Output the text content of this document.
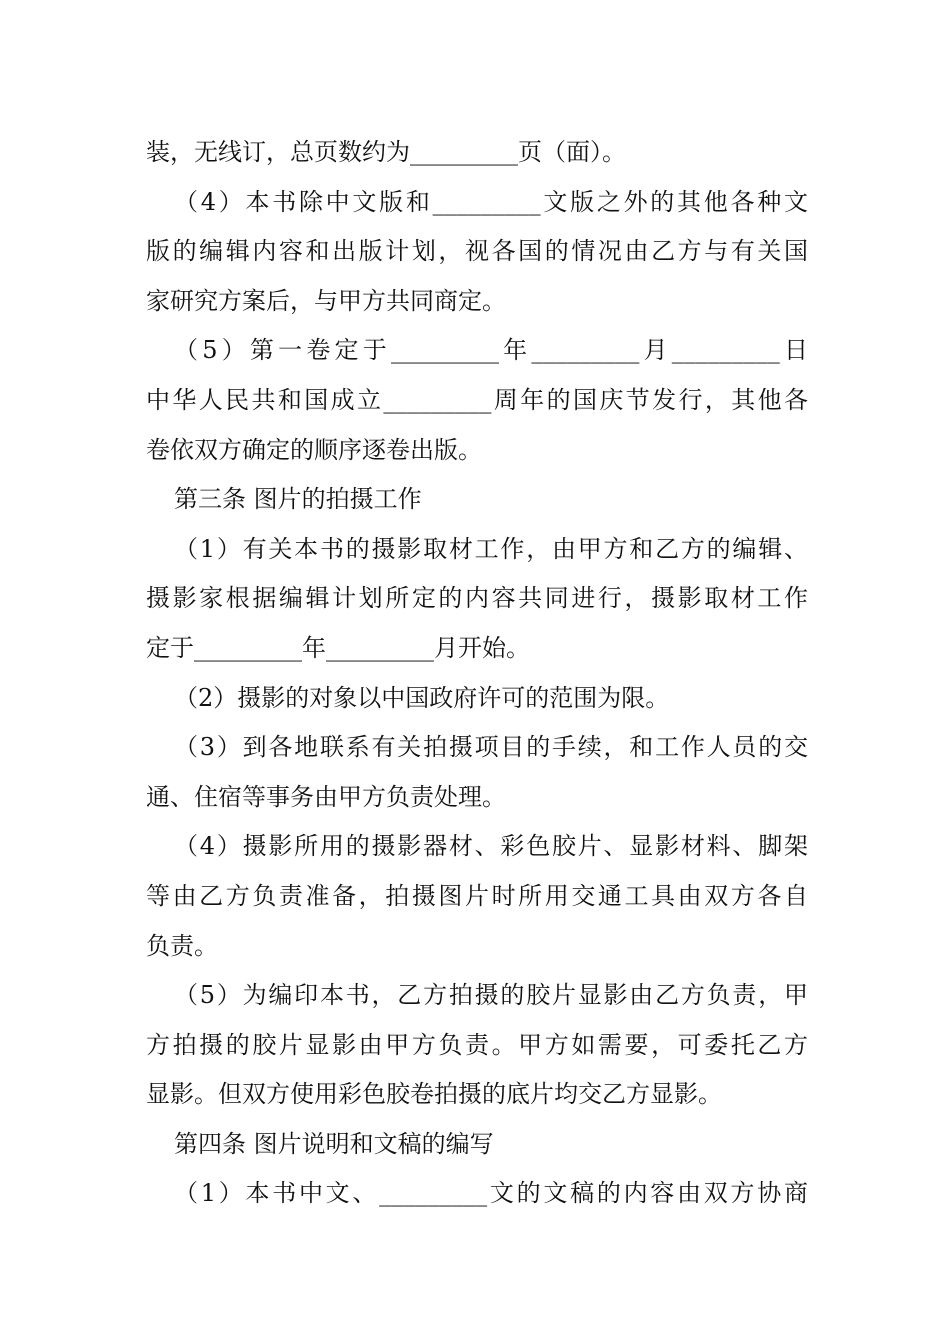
装，无线订，总页数约为_________页（面）。

（4）本书除中文版和_________文版之外的其他各种文

版的编辑内容和出版计划，视各国的情况由乙方与有关国

家研究方案后，与甲方共同商定。

（5）第一卷定于_________年_________月_________日

中华人民共和国成立_________周年的国庆节发行，其他各

卷依双方确定的顺序逐卷出版。

第三条 图片的拍摄工作

（1）有关本书的摄影取材工作，由甲方和乙方的编辑、

摄影家根据编辑计划所定的内容共同进行，摄影取材工作

定于_________年_________月开始。

（2）摄影的对象以中国政府许可的范围为限。

（3）到各地联系有关拍摄项目的手续，和工作人员的交

通、住宿等事务由甲方负责处理。

（4）摄影所用的摄影器材、彩色胶片、显影材料、脚架

等由乙方负责准备，拍摄图片时所用交通工具由双方各自

负责。

（5）为编印本书，乙方拍摄的胶片显影由乙方负责，甲

方拍摄的胶片显影由甲方负责。甲方如需要，可委托乙方

显影。但双方使用彩色胶卷拍摄的底片均交乙方显影。

第四条 图片说明和文稿的编写

（1）本书中文、_________文的文稿的内容由双方协商
